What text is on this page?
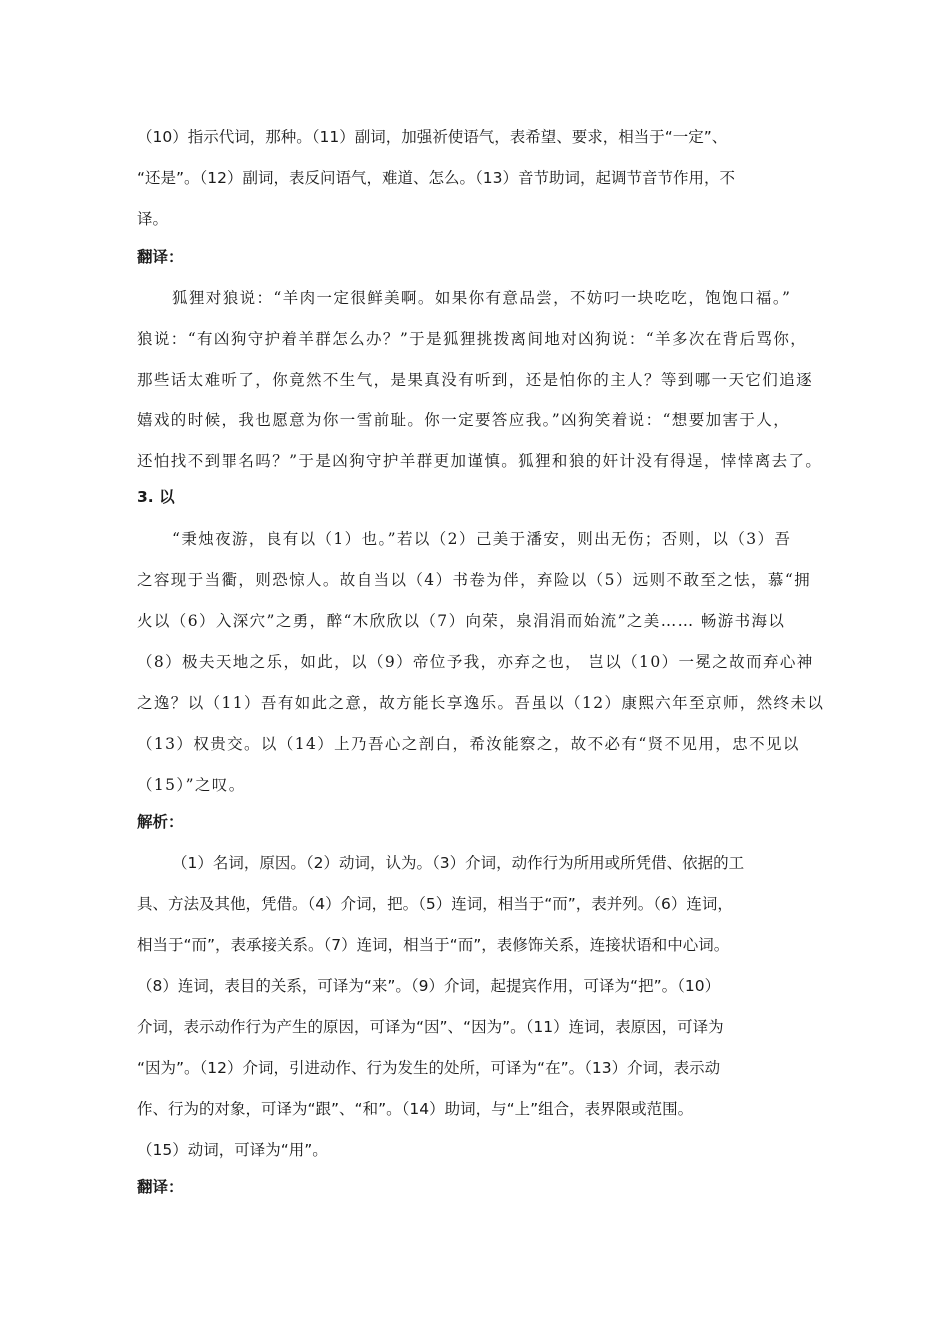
（10）指示代词，那种。（11）副词，加强祈使语气，表希望、要求，相当于“一定”、
“还是”。（12）副词，表反问语气，难道、怎么。（13）音节助词，起调节音节作用，不
译。
翻译：
狐狸对狼说：“羊肉一定很鲜美啊。如果你有意品尝，不妨叼一块吃吃，饱饱口福。”
狼说：“有凶狗守护着羊群怎么办？”于是狐狸挑拨离间地对凶狗说：“羊多次在背后骂你，
那些话太难听了，你竟然不生气，是果真没有听到，还是怕你的主人？等到哪一天它们追逐
嬉戏的时候，我也愿意为你一雪前耻。你一定要答应我。”凶狗笑着说：“想要加害于人，
还怕找不到罪名吗？”于是凶狗守护羊群更加谨慎。狐狸和狼的奸计没有得逞，悻悻离去了。
3. 以
“秉烛夜游，良有以（1）也。”若以（2）己美于潘安，则出无伤；否则，以（3）吾
之容现于当衢，则恐惊人。故自当以（4）书卷为伴，弃险以（5）远则不敢至之怯，慕“拥
火以（6）入深穴”之勇，醉“木欣欣以（7）向荣，泉涓涓而始流”之美…… 畅游书海以
（8）极夫天地之乐，如此，以（9）帝位予我，亦弃之也， 岂以（10）一冕之故而弃心神
之逸？以（11）吾有如此之意，故方能长享逸乐。吾虽以（12）康熙六年至京师，然终未以
（13）权贵交。以（14）上乃吾心之剖白，希汝能察之，故不必有“贤不见用，忠不见以
（15）”之叹。
解析：
（1）名词，原因。（2）动词，认为。（3）介词，动作行为所用或所凭借、依据的工
具、方法及其他，凭借。（4）介词，把。（5）连词，相当于“而”，表并列。（6）连词，
相当于“而”，表承接关系。（7）连词，相当于“而”，表修饰关系，连接状语和中心词。
（8）连词，表目的关系，可译为“来”。（9）介词，起提宾作用，可译为“把”。（10）
介词，表示动作行为产生的原因，可译为“因”、“因为”。（11）连词，表原因，可译为
“因为”。（12）介词，引进动作、行为发生的处所，可译为“在”。（13）介词，表示动
作、行为的对象，可译为“跟”、“和”。（14）助词，与“上”组合，表界限或范围。
（15）动词，可译为“用”。
翻译：
